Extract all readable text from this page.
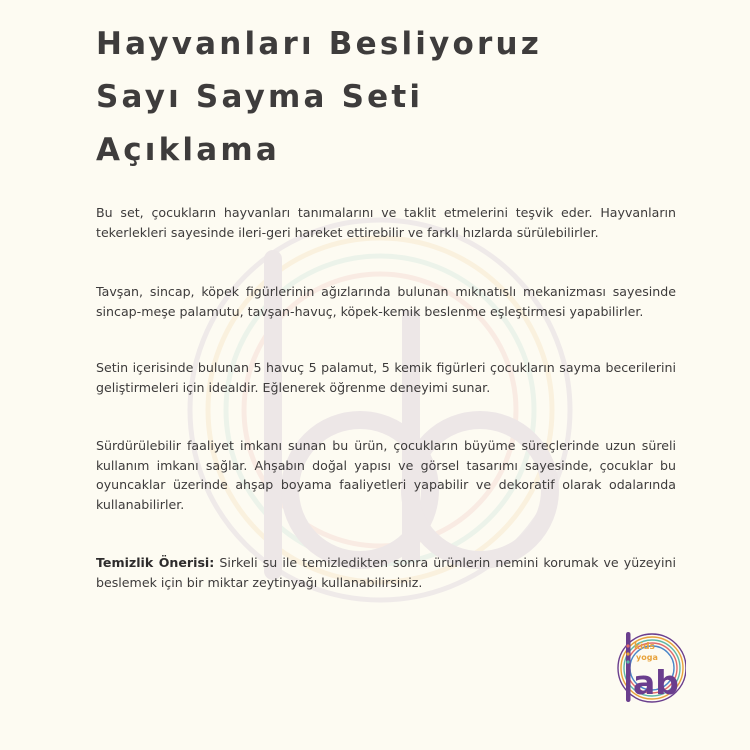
Hayvanları Besliyoruz
Sayı Sayma Seti
Açıklama

Bu set, çocukların hayvanları tanımalarını ve taklit etmelerini teşvik eder. Hayvanların tekerlekleri sayesinde ileri-geri hareket ettirebilir ve farklı hızlarda sürülebilirler.

Tavşan, sincap, köpek figürlerinin ağızlarında bulunan mıknatıslı mekanizması sayesinde sincap-meşe palamutu, tavşan-havuç, köpek-kemik beslenme eşleştirmesi yapabilirler.

Setin içerisinde bulunan 5 havuç 5 palamut, 5 kemik figürleri çocukların sayma becerilerini geliştirmeleri için idealdir. Eğlenerek öğrenme deneyimi sunar.

Sürdürülebilir faaliyet imkanı sunan bu ürün, çocukların büyüme süreçlerinde uzun süreli kullanım imkanı sağlar. Ahşabın doğal yapısı ve görsel tasarımı sayesinde, çocuklar bu oyuncaklar üzerinde ahşap boyama faaliyetleri yapabilir ve dekoratif olarak odalarında kullanabilirler.

Temizlik Önerisi: Sirkeli su ile temizledikten sonra ürünlerin nemini korumak ve yüzeyini beslemek için bir miktar zeytinyağı kullanabilirsiniz.

kids
yoga
ab
